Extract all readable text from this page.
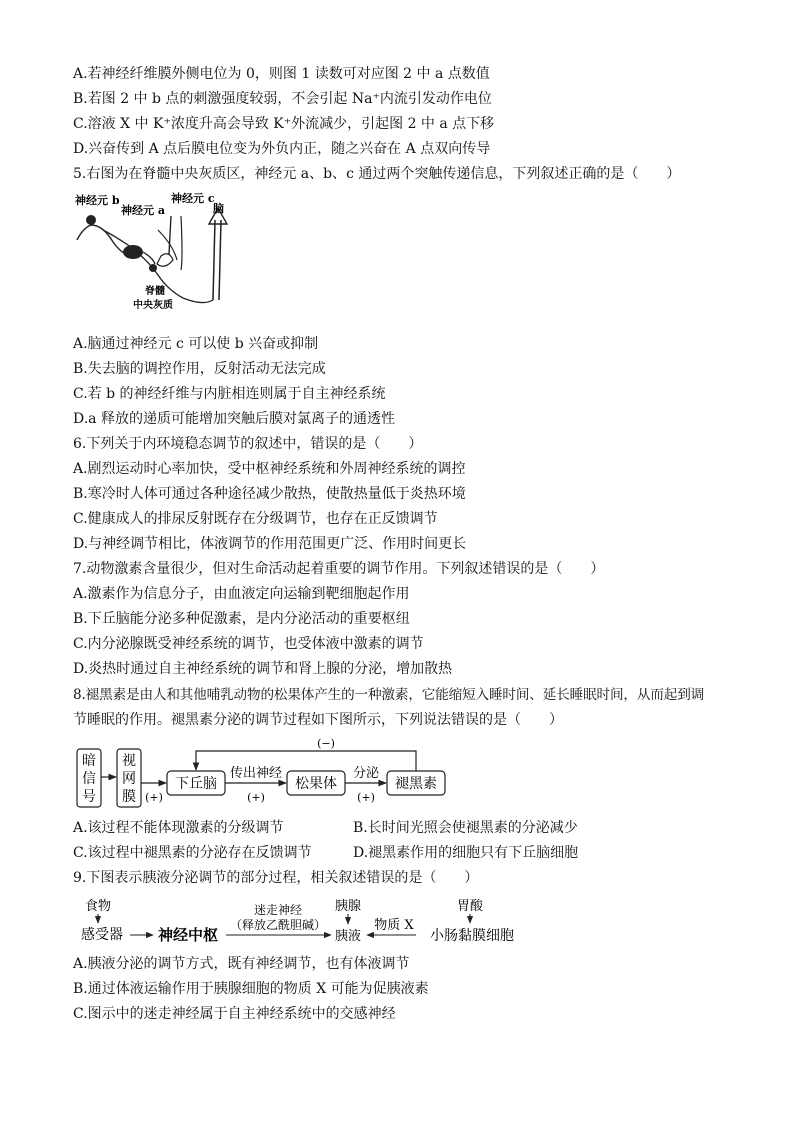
A.若神经纤维膜外侧电位为 0，则图 1 读数可对应图 2 中 a 点数值
B.若图 2 中 b 点的刺激强度较弱，不会引起 Na⁺内流引发动作电位
C.溶液 X 中 K⁺浓度升高会导致 K⁺外流减少，引起图 2 中 a 点下移
D.兴奋传到 A 点后膜电位变为外负内正，随之兴奋在 A 点双向传导
5.右图为在脊髓中央灰质区，神经元 a、b、c 通过两个突触传递信息，下列叙述正确的是（　　）
神经元 b
神经元 a
神经元 c
脑
脊髓
中央灰质
A.脑通过神经元 c 可以使 b 兴奋或抑制
B.失去脑的调控作用，反射活动无法完成
C.若 b 的神经纤维与内脏相连则属于自主神经系统
D.a 释放的递质可能增加突触后膜对氯离子的通透性
6.下列关于内环境稳态调节的叙述中，错误的是（　　）
A.剧烈运动时心率加快，受中枢神经系统和外周神经系统的调控
B.寒冷时人体可通过各种途径减少散热，使散热量低于炎热环境
C.健康成人的排尿反射既存在分级调节，也存在正反馈调节
D.与神经调节相比，体液调节的作用范围更广泛、作用时间更长
7.动物激素含量很少，但对生命活动起着重要的调节作用。下列叙述错误的是（　　）
A.激素作为信息分子，由血液定向运输到靶细胞起作用
B.下丘脑能分泌多种促激素，是内分泌活动的重要枢纽
C.内分泌腺既受神经系统的调节，也受体液中激素的调节
D.炎热时通过自主神经系统的调节和肾上腺的分泌，增加散热
8.褪黑素是由人和其他哺乳动物的松果体产生的一种激素，它能缩短入睡时间、延长睡眠时间，从而起到调
节睡眠的作用。褪黑素分泌的调节过程如下图所示，下列说法错误的是（　　）
暗
信
号
视
网
膜
下丘脑	松果体	褪黑素
(+)
传出神经
(+)
分泌
(+)
(−)
A.该过程不能体现激素的分级调节	B.长时间光照会使褪黑素的分泌减少
C.该过程中褪黑素的分泌存在反馈调节	D.褪黑素作用的细胞只有下丘脑细胞
9.下图表示胰液分泌调节的部分过程，相关叙述错误的是（　　）
食物
感受器 神经中枢
迷走神经
（释放乙酰胆碱）
胰腺
胰液
物质 X
胃酸
小肠黏膜细胞
A.胰液分泌的调节方式，既有神经调节，也有体液调节
B.通过体液运输作用于胰腺细胞的物质 X 可能为促胰液素
C.图示中的迷走神经属于自主神经系统中的交感神经
